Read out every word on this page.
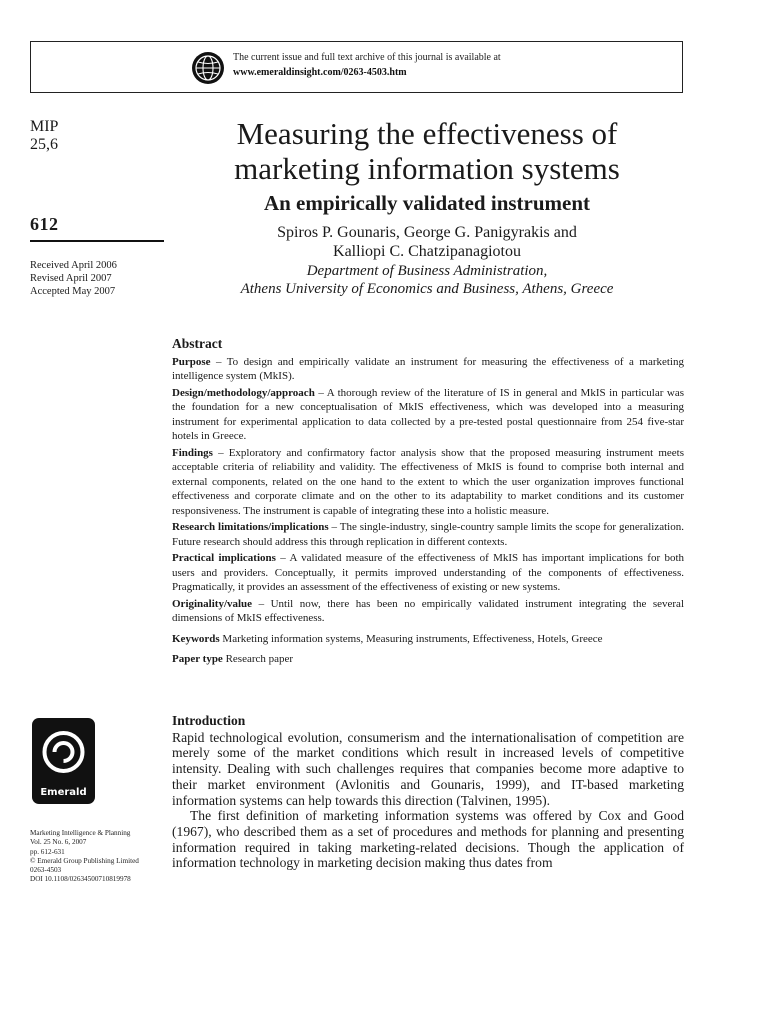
The current issue and full text archive of this journal is available at
www.emeraldinsight.com/0263-4503.htm
MIP
25,6
612
Received April 2006
Revised April 2007
Accepted May 2007
Measuring the effectiveness of
marketing information systems
An empirically validated instrument
Spiros P. Gounaris, George G. Panigyrakis and
Kalliopi C. Chatzipanagiotou
Department of Business Administration,
Athens University of Economics and Business, Athens, Greece
Abstract

Purpose – To design and empirically validate an instrument for measuring the effectiveness of a marketing intelligence system (MkIS).

Design/methodology/approach – A thorough review of the literature of IS in general and MkIS in particular was the foundation for a new conceptualisation of MkIS effectiveness, which was developed into a measuring instrument for experimental application to data collected by a pre-tested postal questionnaire from 254 five-star hotels in Greece.

Findings – Exploratory and confirmatory factor analysis show that the proposed measuring instrument meets acceptable criteria of reliability and validity. The effectiveness of MkIS is found to comprise both internal and external components, related on the one hand to the extent to which the user organization improves functional effectiveness and corporate climate and on the other to its adaptability to market conditions and its customer responsiveness. The instrument is capable of integrating these into a holistic measure.

Research limitations/implications – The single-industry, single-country sample limits the scope for generalization. Future research should address this through replication in different contexts.

Practical implications – A validated measure of the effectiveness of MkIS has important implications for both users and providers. Conceptually, it permits improved understanding of the components of effectiveness. Pragmatically, it provides an assessment of the effectiveness of existing or new systems.

Originality/value – Until now, there has been no empirically validated instrument integrating the several dimensions of MkIS effectiveness.

Keywords Marketing information systems, Measuring instruments, Effectiveness, Hotels, Greece

Paper type Research paper

Emerald
Introduction

Rapid technological evolution, consumerism and the internationalisation of competition are merely some of the market conditions which result in increased levels of competitive intensity. Dealing with such challenges requires that companies become more adaptive to their market environment (Avlonitis and Gounaris, 1999), and IT-based marketing information systems can help towards this direction (Talvinen, 1995).

The first definition of marketing information systems was offered by Cox and Good (1967), who described them as a set of procedures and methods for planning and presenting information required in taking marketing-related decisions. Though the application of information technology in marketing decision making thus dates from

Marketing Intelligence & Planning
Vol. 25 No. 6, 2007
pp. 612-631
© Emerald Group Publishing Limited
0263-4503
DOI 10.1108/02634500710819978
